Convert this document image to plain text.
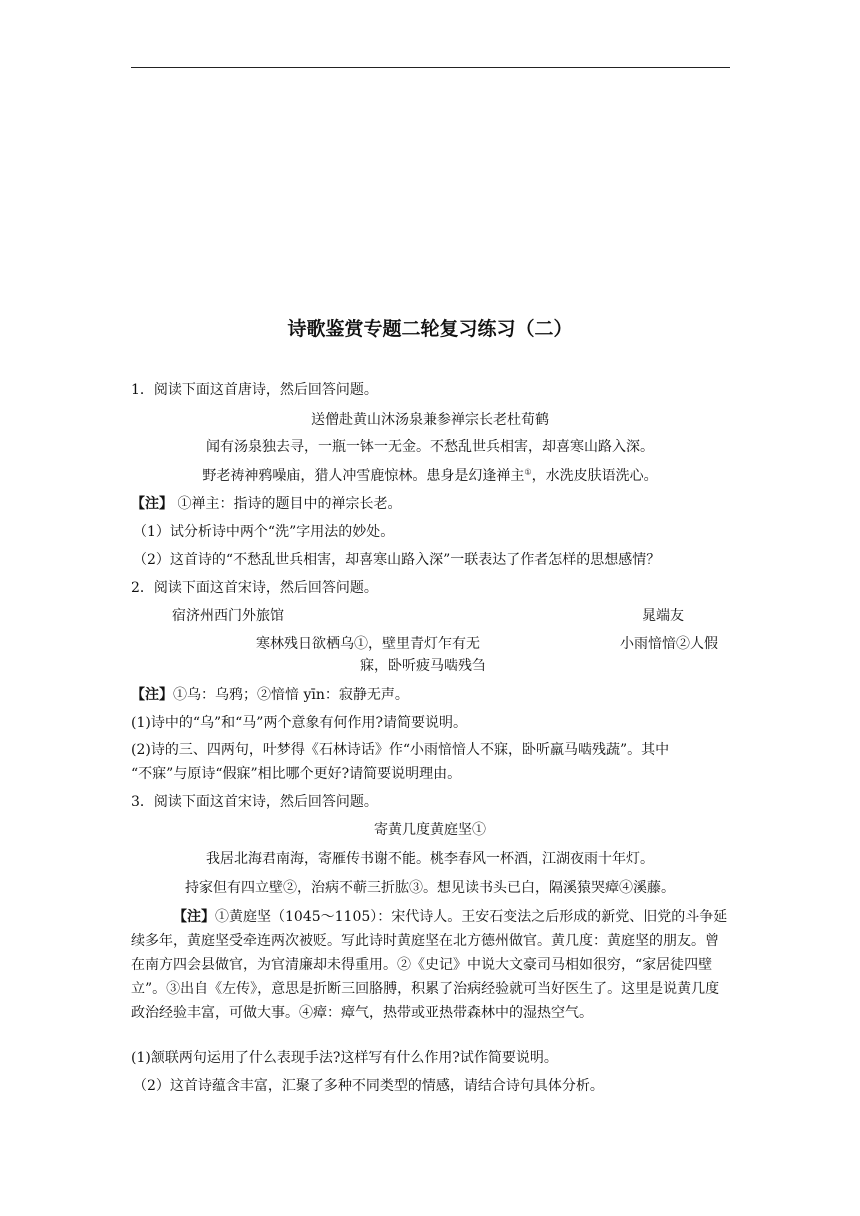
诗歌鉴赏专题二轮复习练习（二）
1．阅读下面这首唐诗，然后回答问题。
送僧赴黄山沐汤泉兼参禅宗长老杜荀鹤
闻有汤泉独去寻，一瓶一钵一无金。不愁乱世兵相害，却喜寒山路入深。
野老祷神鸦噪庙，猎人冲雪鹿惊林。患身是幻逢禅主①，水洗皮肤语洗心。
【注】 ①禅主：指诗的题目中的禅宗长老。
（1）试分析诗中两个“洗”字用法的妙处。
（2）这首诗的“不愁乱世兵相害，却喜寒山路入深”一联表达了作者怎样的思想感情？
2．阅读下面这首宋诗，然后回答问题。
宿济州西门外旅馆	晁端友
寒林残日欲栖乌①，壁里青灯乍有无	小雨愔愔②人假
寐，卧听疲马啮残刍
【注】①乌：乌鸦；②愔愔 yīn：寂静无声。
(1)诗中的“乌”和“马”两个意象有何作用?请简要说明。
(2)诗的三、四两句，叶梦得《石林诗话》作“小雨愔愔人不寐，卧听羸马啮残蔬”。其中
“不寐”与原诗“假寐”相比哪个更好?请简要说明理由。
3．阅读下面这首宋诗，然后回答问题。
寄黄几度黄庭坚①
我居北海君南海，寄雁传书谢不能。桃李春风一杯酒，江湖夜雨十年灯。
持家但有四立壁②，治病不蕲三折肱③。想见读书头已白，隔溪猿哭瘴④溪藤。
【注】①黄庭坚（1045～1105）：宋代诗人。王安石变法之后形成的新党、旧党的斗争延续多年，黄庭坚受牵连两次被贬。写此诗时黄庭坚在北方德州做官。黄几度：黄庭坚的朋友。曾在南方四会县做官，为官清廉却未得重用。②《史记》中说大文豪司马相如很穷，“家居徒四壁立”。③出自《左传》，意思是折断三回胳膊，积累了治病经验就可当好医生了。这里是说黄几度政治经验丰富，可做大事。④瘴：瘴气，热带或亚热带森林中的湿热空气。
(1)颔联两句运用了什么表现手法?这样写有什么作用?试作简要说明。
（2）这首诗蕴含丰富，汇聚了多种不同类型的情感，请结合诗句具体分析。
